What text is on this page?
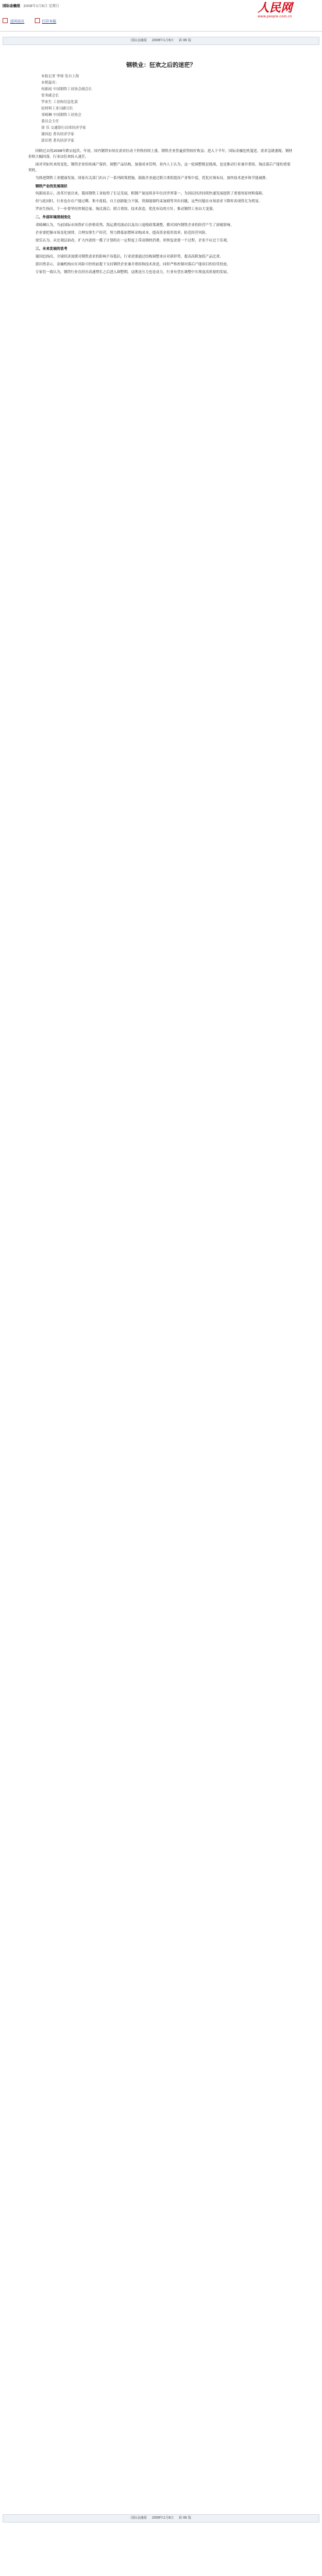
国际金融报 2008年1月6日 星期日	人民网
www.people.com.cn
返回前页	打印本稿
国际金融报 2008年1月6日 第 06 版
钢铁业：狂欢之后的迷茫？
本报记者 李琛 发自上海
本期嘉宾：
何新雨 中国钢铁工业协会副会长
常务副会长
罗冰生 工业和信息化部
原材料工业司副司长
邓崎琳 中国钢铁工业协会
委员会主任
徐 乐 交通银行首席经济学家
谢国忠 著名经济学家
郭田勇 著名经济学家

回顾过去的2008年跌宕起伏。年初，国内钢铁市场在需求拉动下价格持续上涨，钢铁企业普遍获得较好收益；进入下半年，国际金融危机蔓延，需求急剧萎缩，钢材价格大幅回落，行业由狂欢转入迷茫。

面对突如其来的变化，钢铁企业纷纷减产保价，调整产品结构，加强成本管理。业内人士认为，这一轮调整既是挑战，也是推动行业兼并重组、淘汰落后产能的重要契机。

为推进钢铁工业健康发展，国家有关部门出台了一系列政策措施，鼓励企业通过联合重组提高产业集中度，优化区域布局，加快技术进步和节能减排。

钢铁产业的发展现状

何新雨表示，改革开放以来，我国钢铁工业取得了长足发展，粗钢产量连续多年位居世界第一，为国民经济持续快速发展提供了重要的原材料保障。

但与此同时，行业也存在产能过剩、集中度低、自主创新能力不强、资源能源约束加剧等突出问题，这些问题在市场需求下降时表现得尤为明显。

罗冰生指出，下一步要坚持控制总量、淘汰落后、联合重组、技术改造、优化布局的方针，推动钢铁工业由大变强。

二、外部环境深刻变化

邓崎琳认为，当前国际市场铁矿石价格谈判、海运费用波动以及出口退税政策调整，都对国内钢铁企业的经营产生了深刻影响。

企业要把握市场变化规律，合理安排生产经营，努力降低原燃料采购成本，提高资金使用效率，防范经营风险。

徐乐认为，从宏观层面看，扩大内需的一揽子计划将在一定程度上带动钢材消费，但恢复需要一个过程，企业不应过于乐观。

三、未来发展的思考

谢国忠指出，全球经济放缓对钢铁需求的影响不容低估，行业需要通过结构调整来应对新形势，提高高附加值产品比重。

郭田勇表示，金融机构应在风险可控的前提下支持钢铁企业兼并重组和技术改造，同时严格控制对落后产能项目的信贷投放。

专家们一致认为，钢铁行业在经历高速增长之后进入调整期，这既是压力也是动力，行业有望在调整中实现更高质量的发展。

国际金融报 2008年1月6日 第 06 版
